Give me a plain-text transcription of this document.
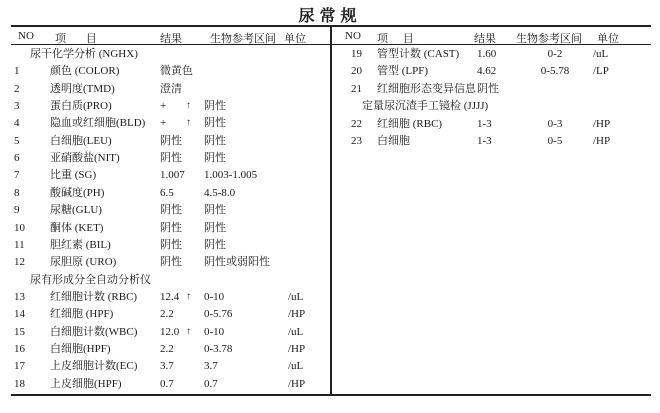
尿常规
NO 项 目	结果	生物参考区间 单位	NO 项 目	结果 生物参考区间 单位
尿干化学分析 (NGHX)
1	颜色 (COLOR)	微黄色
2	透明度(TMD)	澄清
3	蛋白质(PRO)	+	↑	阴性
4	隐血或红细胞(BLD)	+	↑	阴性
5	白细胞(LEU)	阴性	阴性
6	亚硝酸盐(NIT)	阴性	阴性
7	比重 (SG)	1.007 1.003-1.005
8	酸碱度(PH)	6.5	4.5-8.0
9	尿糖(GLU)	阴性	阴性
10	酮体 (KET)	阴性	阴性
11	胆红素 (BIL)	阴性	阴性
12	尿胆原 (URO)	阴性	阴性或弱阳性
尿有形成分全自动分析仪
13	红细胞计数 (RBC)	12.4 ↑	0-10	/uL
14	红细胞 (HPF)	2.2	0-5.76	/HP
15	白细胞计数(WBC)	12.0 ↑	0-10	/uL
16	白细胞(HPF)	2.2	0-3.78	/HP
17	上皮细胞计数(EC)	3.7	3.7	/uL
18	上皮细胞(HPF)	0.7	0.7	/HP
19	管型计数 (CAST)	1.60	0-2	/uL
20	管型 (LPF)	4.62	0-5.78	/LP
21	红细胞形态变异信息 阴性
定量尿沉渣手工镜检 (JJJJ)
22	红细胞 (RBC)	1-3	0-3	/HP
23	白细胞	1-3	0-5	/HP
